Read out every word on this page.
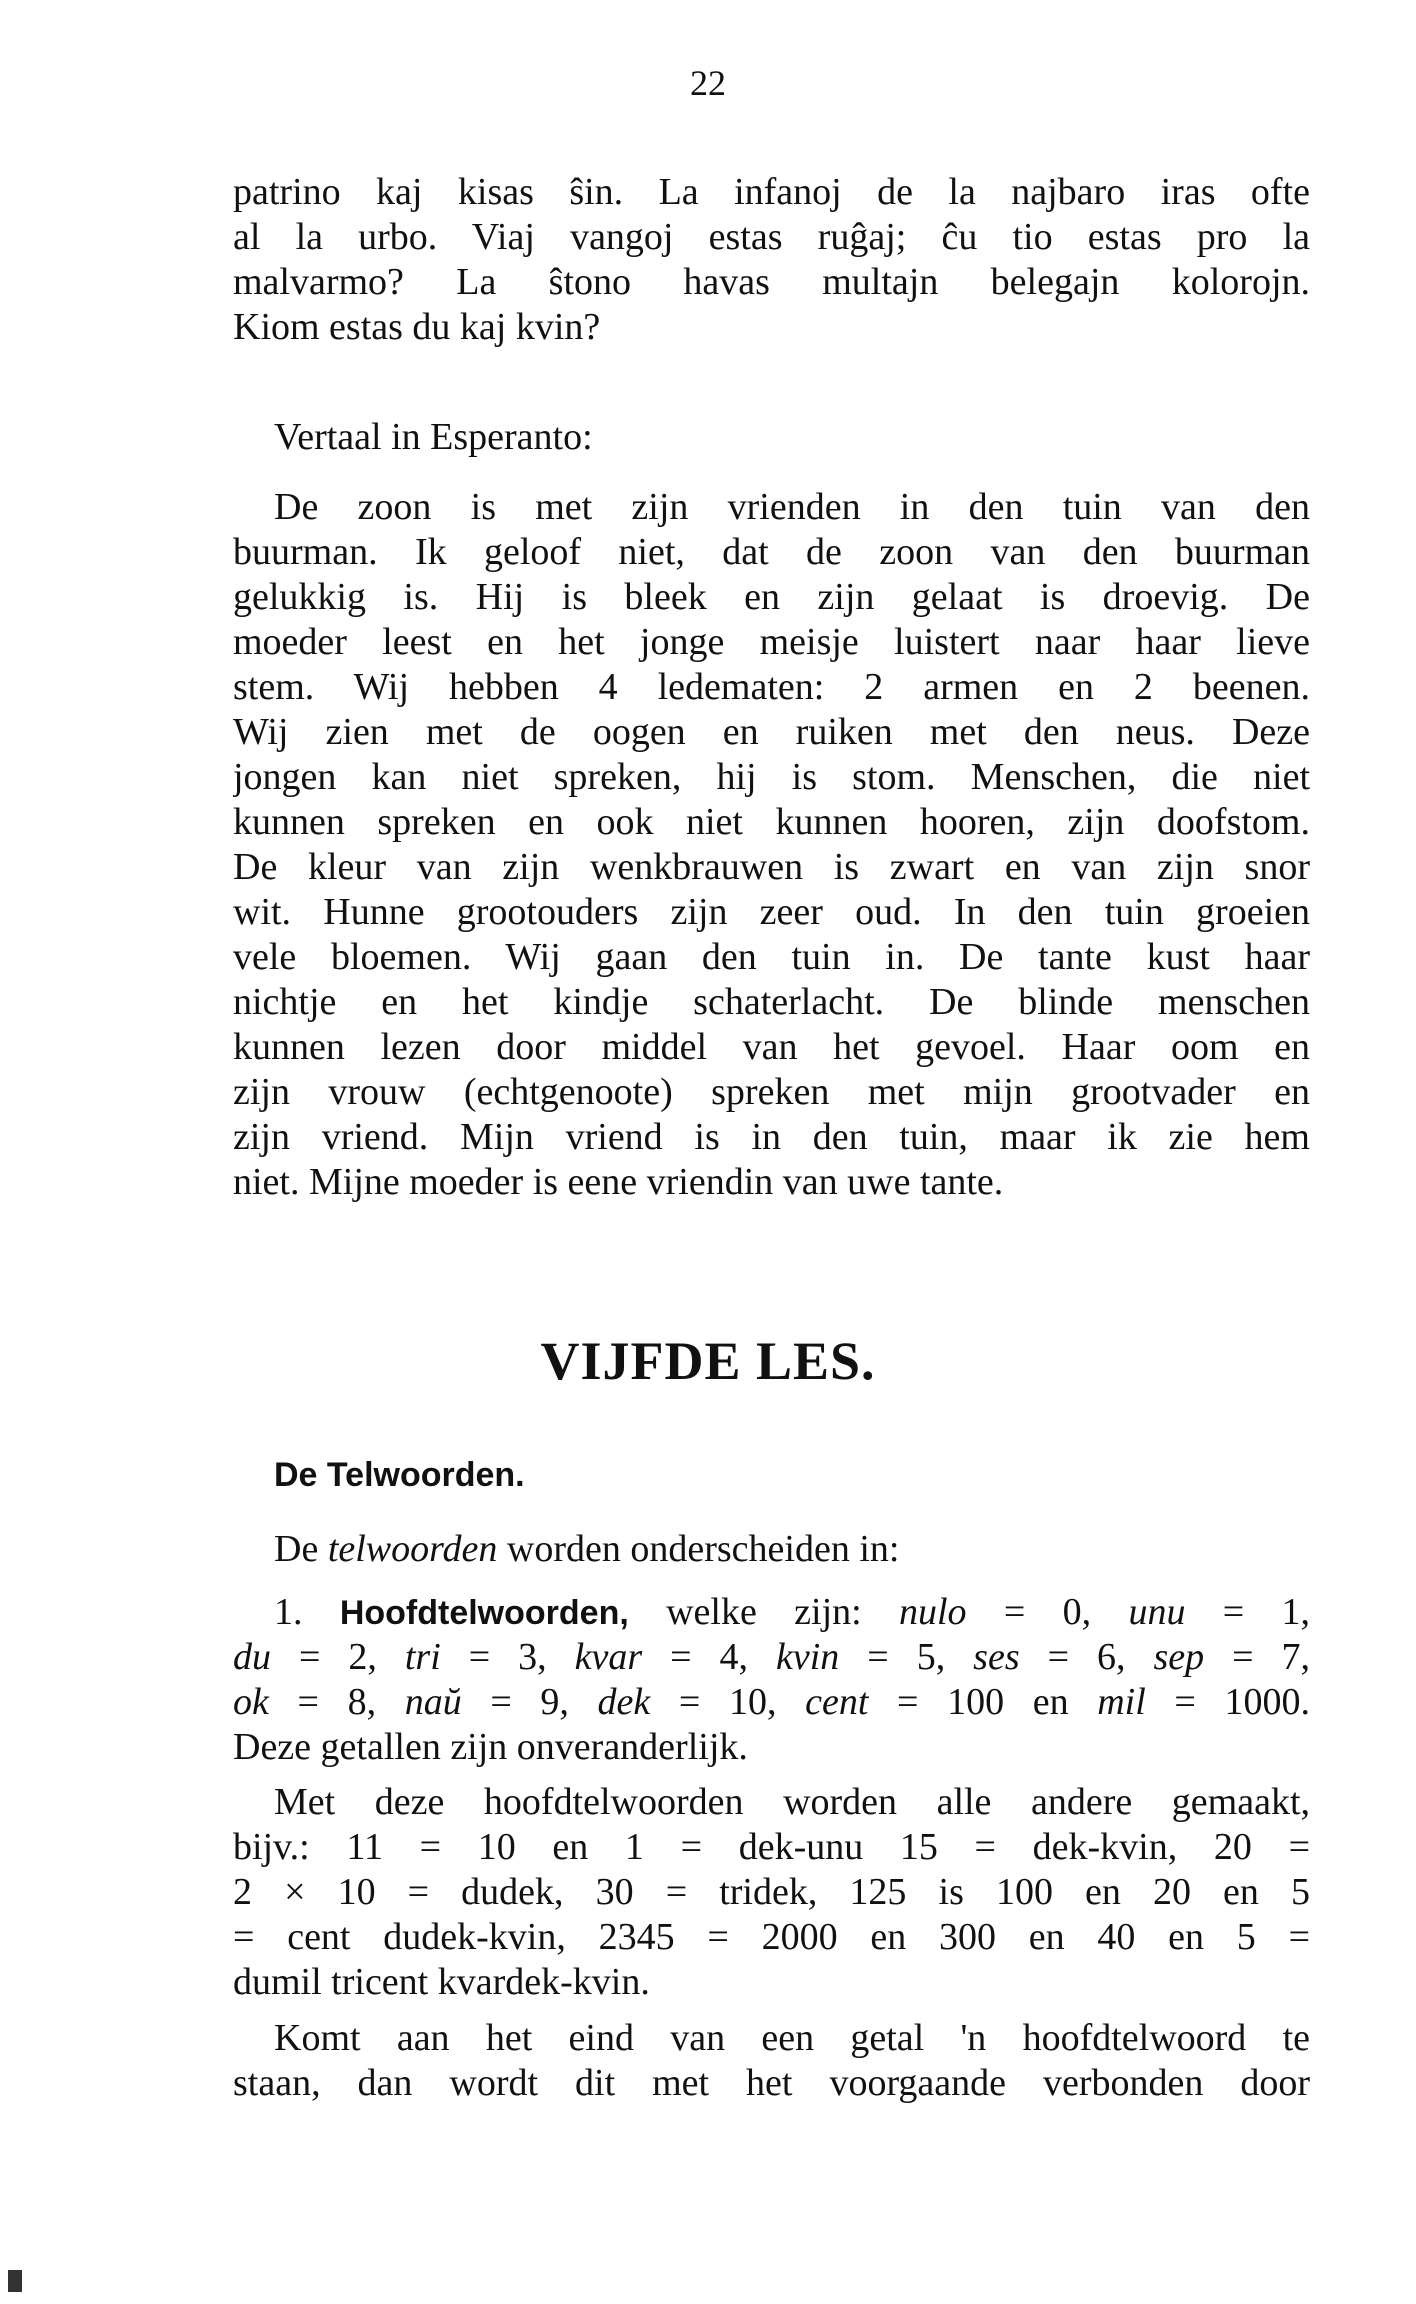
22
patrino kaj kisas ŝin. La infanoj de la najbaro iras ofte
al la urbo. Viaj vangoj estas ruĝaj; ĉu tio estas pro la
malvarmo? La ŝtono havas multajn belegajn kolorojn.
Kiom estas du kaj kvin?
Vertaal in Esperanto:
De zoon is met zijn vrienden in den tuin van den
buurman. Ik geloof niet, dat de zoon van den buurman
gelukkig is. Hij is bleek en zijn gelaat is droevig. De
moeder leest en het jonge meisje luistert naar haar lieve
stem. Wij hebben 4 ledematen: 2 armen en 2 beenen.
Wij zien met de oogen en ruiken met den neus. Deze
jongen kan niet spreken, hij is stom. Menschen, die niet
kunnen spreken en ook niet kunnen hooren, zijn doofstom.
De kleur van zijn wenkbrauwen is zwart en van zijn snor
wit. Hunne grootouders zijn zeer oud. In den tuin groeien
vele bloemen. Wij gaan den tuin in. De tante kust haar
nichtje en het kindje schaterlacht. De blinde menschen
kunnen lezen door middel van het gevoel. Haar oom en
zijn vrouw (echtgenoote) spreken met mijn grootvader en
zijn vriend. Mijn vriend is in den tuin, maar ik zie hem
niet. Mijne moeder is eene vriendin van uwe tante.
VIJFDE LES.
De Telwoorden.
De telwoorden worden onderscheiden in:
1. Hoofdtelwoorden, welke zijn: nulo = 0, unu = 1,
du = 2, tri = 3, kvar = 4, kvin = 5, ses = 6, sep = 7,
ok = 8, naŭ = 9, dek = 10, cent = 100 en mil = 1000.
Deze getallen zijn onveranderlijk.
Met deze hoofdtelwoorden worden alle andere gemaakt,
bijv.: 11 = 10 en 1 = dek-unu 15 = dek-kvin, 20 =
2 × 10 = dudek, 30 = tridek, 125 is 100 en 20 en 5
= cent dudek-kvin, 2345 = 2000 en 300 en 40 en 5 =
dumil tricent kvardek-kvin.
Komt aan het eind van een getal 'n hoofdtelwoord te
staan, dan wordt dit met het voorgaande verbonden door
